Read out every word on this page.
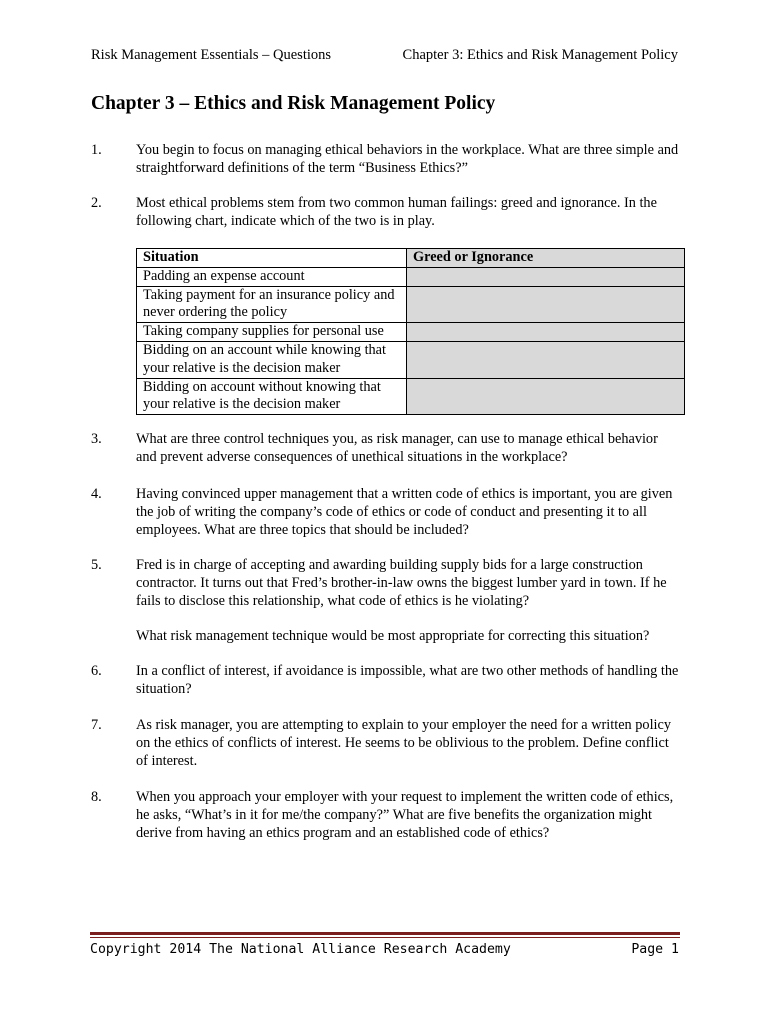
Risk Management Essentials – Questions	Chapter 3: Ethics and Risk Management Policy
Chapter 3 – Ethics and Risk Management Policy
1.	You begin to focus on managing ethical behaviors in the workplace. What are three simple and straightforward definitions of the term “Business Ethics?”

2.	Most ethical problems stem from two common human failings: greed and ignorance. In the following chart, indicate which of the two is in play.

Situation	Greed or Ignorance
Padding an expense account	
Taking payment for an insurance policy and never ordering the policy	
Taking company supplies for personal use	
Bidding on an account while knowing that your relative is the decision maker	
Bidding on account without knowing that your relative is the decision maker	
3.	What are three control techniques you, as risk manager, can use to manage ethical behavior and prevent adverse consequences of unethical situations in the workplace?

4.	Having convinced upper management that a written code of ethics is important, you are given the job of writing the company’s code of ethics or code of conduct and presenting it to all employees. What are three topics that should be included?

5.	Fred is in charge of accepting and awarding building supply bids for a large construction contractor. It turns out that Fred’s brother-in-law owns the biggest lumber yard in town. If he fails to disclose this relationship, what code of ethics is he violating?

What risk management technique would be most appropriate for correcting this situation?

6.	In a conflict of interest, if avoidance is impossible, what are two other methods of handling the situation?

7.	As risk manager, you are attempting to explain to your employer the need for a written policy on the ethics of conflicts of interest. He seems to be oblivious to the problem. Define conflict of interest.

8.	When you approach your employer with your request to implement the written code of ethics, he asks, “What’s in it for me/the company?” What are five benefits the organization might derive from having an ethics program and an established code of ethics?

Copyright 2014 The National Alliance Research Academy	Page 1
